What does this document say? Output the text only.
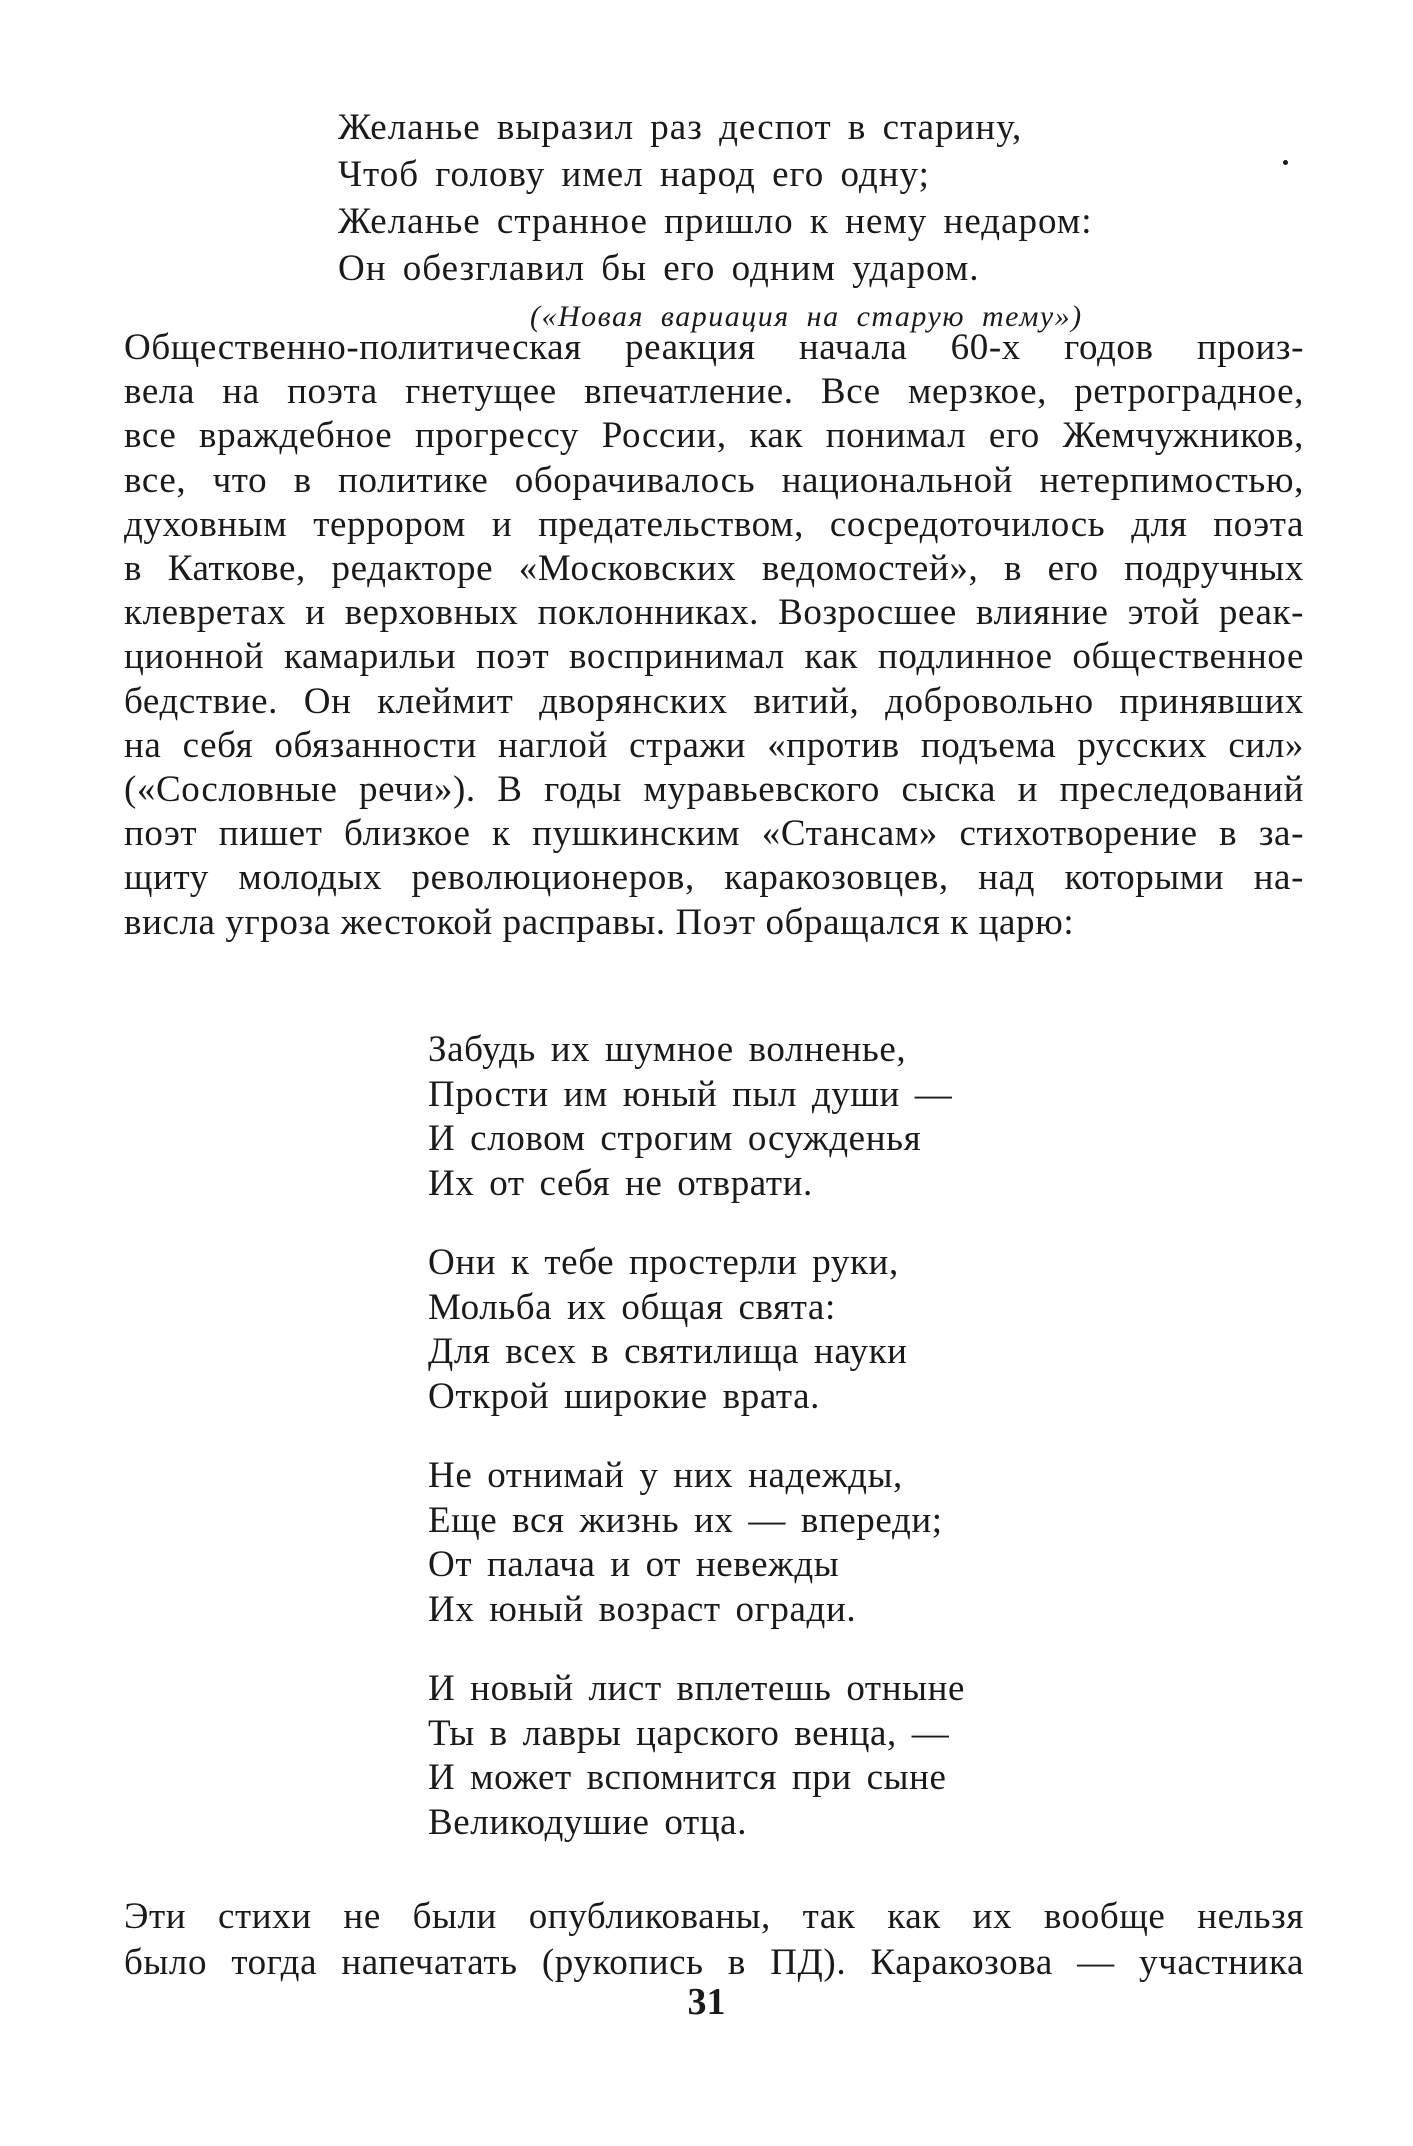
Желанье выразил раз деспот в старину,
Чтоб голову имел народ его одну;
Желанье странное пришло к нему недаром:
Он обезглавил бы его одним ударом.
(«Новая вариация на старую тему»)
Общественно-политическая реакция начала 60-х годов произ-
вела на поэта гнетущее впечатление. Все мерзкое, ретроградное,
все враждебное прогрессу России, как понимал его Жемчужников,
все, что в политике оборачивалось национальной нетерпимостью,
духовным террором и предательством, сосредоточилось для поэта
в Каткове, редакторе «Московских ведомостей», в его подручных
клевретах и верховных поклонниках. Возросшее влияние этой реак-
ционной камарильи поэт воспринимал как подлинное общественное
бедствие. Он клеймит дворянских витий, добровольно принявших
на себя обязанности наглой стражи «против подъема русских сил»
(«Сословные речи»). В годы муравьевского сыска и преследований
поэт пишет близкое к пушкинским «Стансам» стихотворение в за-
щиту молодых революционеров, каракозовцев, над которыми на-
висла угроза жестокой расправы. Поэт обращался к царю:
Забудь их шумное волненье,
Прости им юный пыл души —
И словом строгим осужденья
Их от себя не отврати.
Они к тебе простерли руки,
Мольба их общая свята:
Для всех в святилища науки
Открой широкие врата.
Не отнимай у них надежды,
Еще вся жизнь их — впереди;
От палача и от невежды
Их юный возраст огради.
И новый лист вплетешь отныне
Ты в лавры царского венца, —
И может вспомнится при сыне
Великодушие отца.
Эти стихи не были опубликованы, так как их вообще нельзя
было тогда напечатать (рукопись в ПД). Каракозова — участника
31
